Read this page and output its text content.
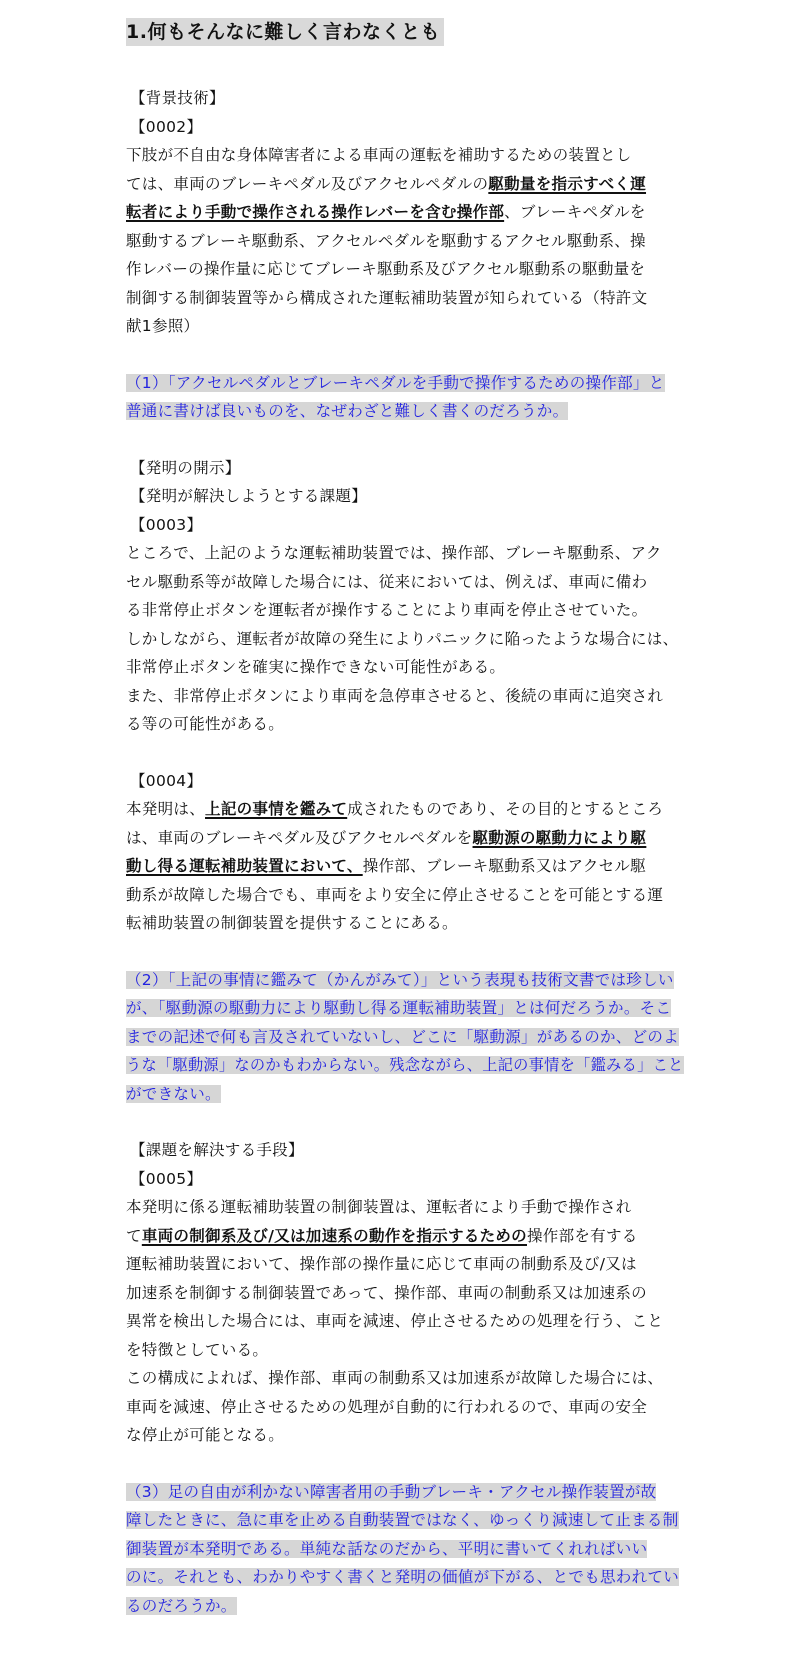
1.何もそんなに難しく言わなくとも
【背景技術】
【0002】
下肢が不自由な身体障害者による車両の運転を補助するための装置とし
ては、車両のブレーキペダル及びアクセルペダルの駆動量を指示すべく運
転者により手動で操作される操作レバーを含む操作部、ブレーキペダルを
駆動するブレーキ駆動系、アクセルペダルを駆動するアクセル駆動系、操
作レバーの操作量に応じてブレーキ駆動系及びアクセル駆動系の駆動量を
制御する制御装置等から構成された運転補助装置が知られている（特許文
献1参照）
（1）「アクセルペダルとブレーキペダルを手動で操作するための操作部」と
普通に書けば良いものを、なぜわざと難しく書くのだろうか。
【発明の開示】
【発明が解決しようとする課題】
【0003】
ところで、上記のような運転補助装置では、操作部、ブレーキ駆動系、アク
セル駆動系等が故障した場合には、従来においては、例えば、車両に備わ
る非常停止ボタンを運転者が操作することにより車両を停止させていた。
しかしながら、運転者が故障の発生によりパニックに陥ったような場合には、
非常停止ボタンを確実に操作できない可能性がある。
また、非常停止ボタンにより車両を急停車させると、後続の車両に追突され
る等の可能性がある。
【0004】
本発明は、上記の事情を鑑みて成されたものであり、その目的とするところ
は、車両のブレーキペダル及びアクセルペダルを駆動源の駆動力により駆
動し得る運転補助装置において、操作部、ブレーキ駆動系又はアクセル駆
動系が故障した場合でも、車両をより安全に停止させることを可能とする運
転補助装置の制御装置を提供することにある。
（2）「上記の事情に鑑みて（かんがみて）」という表現も技術文書では珍しい
が、「駆動源の駆動力により駆動し得る運転補助装置」とは何だろうか。そこ
までの記述で何も言及されていないし、どこに「駆動源」があるのか、どのよ
うな「駆動源」なのかもわからない。残念ながら、上記の事情を「鑑みる」こと
ができない。
【課題を解決する手段】
【0005】
本発明に係る運転補助装置の制御装置は、運転者により手動で操作され
て車両の制御系及び/又は加速系の動作を指示するための操作部を有する
運転補助装置において、操作部の操作量に応じて車両の制動系及び/又は
加速系を制御する制御装置であって、操作部、車両の制動系又は加速系の
異常を検出した場合には、車両を減速、停止させるための処理を行う、こと
を特徴としている。
この構成によれば、操作部、車両の制動系又は加速系が故障した場合には、
車両を減速、停止させるための処理が自動的に行われるので、車両の安全
な停止が可能となる。
（3）足の自由が利かない障害者用の手動ブレーキ・アクセル操作装置が故
障したときに、急に車を止める自動装置ではなく、ゆっくり減速して止まる制
御装置が本発明である。単純な話なのだから、平明に書いてくれればいい
のに。それとも、わかりやすく書くと発明の価値が下がる、とでも思われてい
るのだろうか。
